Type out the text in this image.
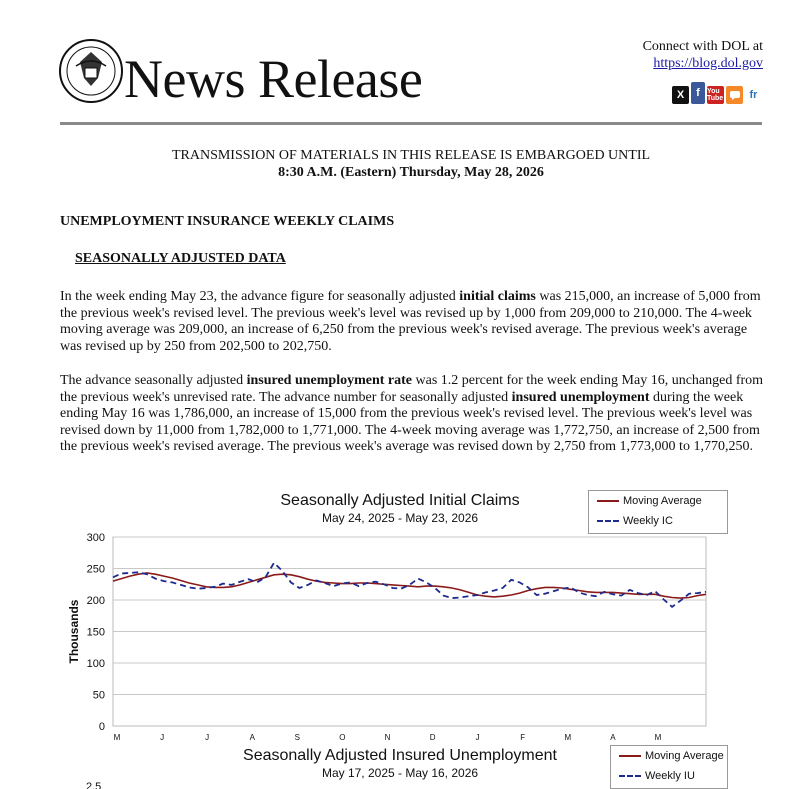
News Release
Connect with DOL at
https://blog.dol.gov
X	f	You Tube	fr
TRANSMISSION OF MATERIALS IN THIS RELEASE IS EMBARGOED UNTIL
8:30 A.M. (Eastern) Thursday, May 28, 2026
UNEMPLOYMENT INSURANCE WEEKLY CLAIMS
SEASONALLY ADJUSTED DATA
In the week ending May 23, the advance figure for seasonally adjusted initial claims was 215,000, an increase of 5,000 from the previous week's revised level. The previous week's level was revised up by 1,000 from 209,000 to 210,000. The 4-week moving average was 209,000, an increase of 6,250 from the previous week's revised average. The previous week's average was revised up by 250 from 202,500 to 202,750.
The advance seasonally adjusted insured unemployment rate was 1.2 percent for the week ending May 16, unchanged from the previous week's unrevised rate. The advance number for seasonally adjusted insured unemployment during the week ending May 16 was 1,786,000, an increase of 15,000 from the previous week's revised level. The previous week's level was revised down by 11,000 from 1,782,000 to 1,771,000. The 4-week moving average was 1,772,750, an increase of 2,500 from the previous week's revised average. The previous week's average was revised down by 2,750 from 1,773,000 to 1,770,250.
Seasonally Adjusted Initial Claims
May 24, 2025 - May 23, 2026
Moving Average
Weekly IC
0
50
100
150
200
250
300
Thousands
M	J	J	A	S	O	N	D	J	F	M	A	M
Seasonally Adjusted Insured Unemployment
May 17, 2025 - May 16, 2026
Moving Average
Weekly IU
2.5
